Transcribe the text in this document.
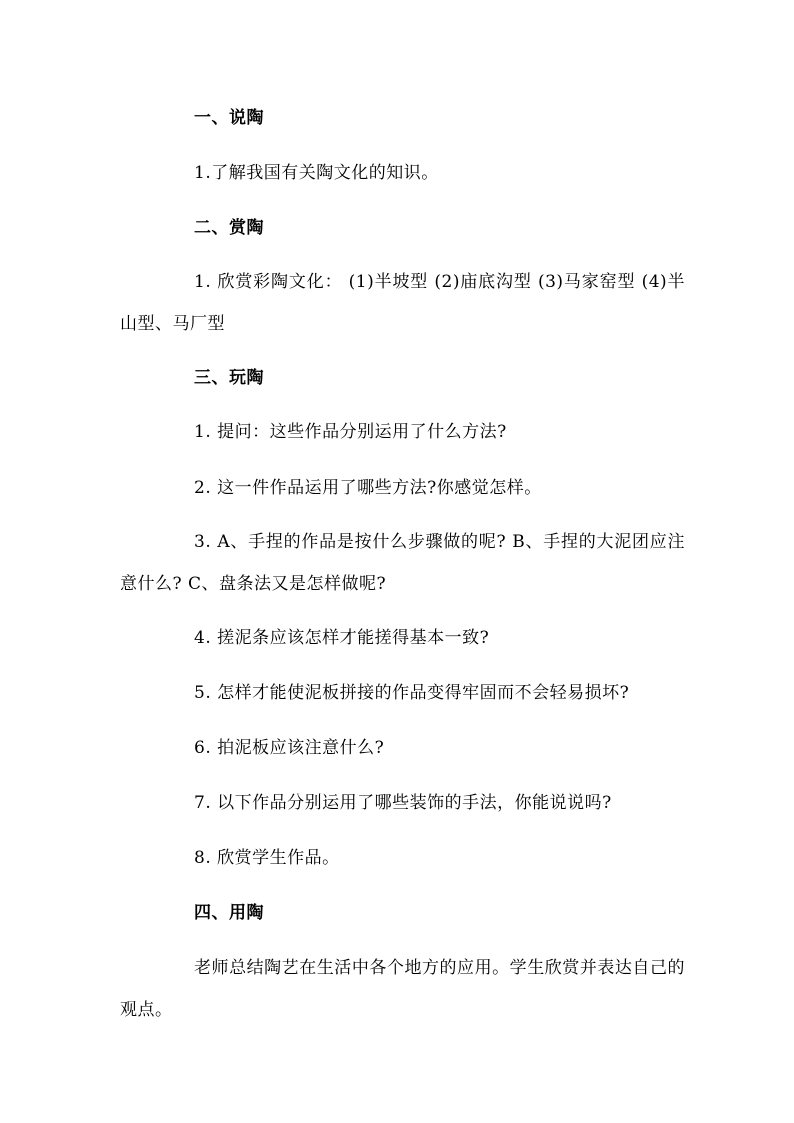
一、说陶
1.了解我国有关陶文化的知识。
二、赏陶
1. 欣赏彩陶文化： (1)半坡型 (2)庙底沟型 (3)马家窑型 (4)半山型、马厂型
三、玩陶
1. 提问：这些作品分别运用了什么方法?
2. 这一件作品运用了哪些方法?你感觉怎样。
3. A、手捏的作品是按什么步骤做的呢? B、手捏的大泥团应注意什么? C、盘条法又是怎样做呢?
4. 搓泥条应该怎样才能搓得基本一致?
5. 怎样才能使泥板拼接的作品变得牢固而不会轻易损坏?
6. 拍泥板应该注意什么?
7. 以下作品分别运用了哪些装饰的手法，你能说说吗?
8. 欣赏学生作品。
四、用陶
老师总结陶艺在生活中各个地方的应用。学生欣赏并表达自己的观点。
